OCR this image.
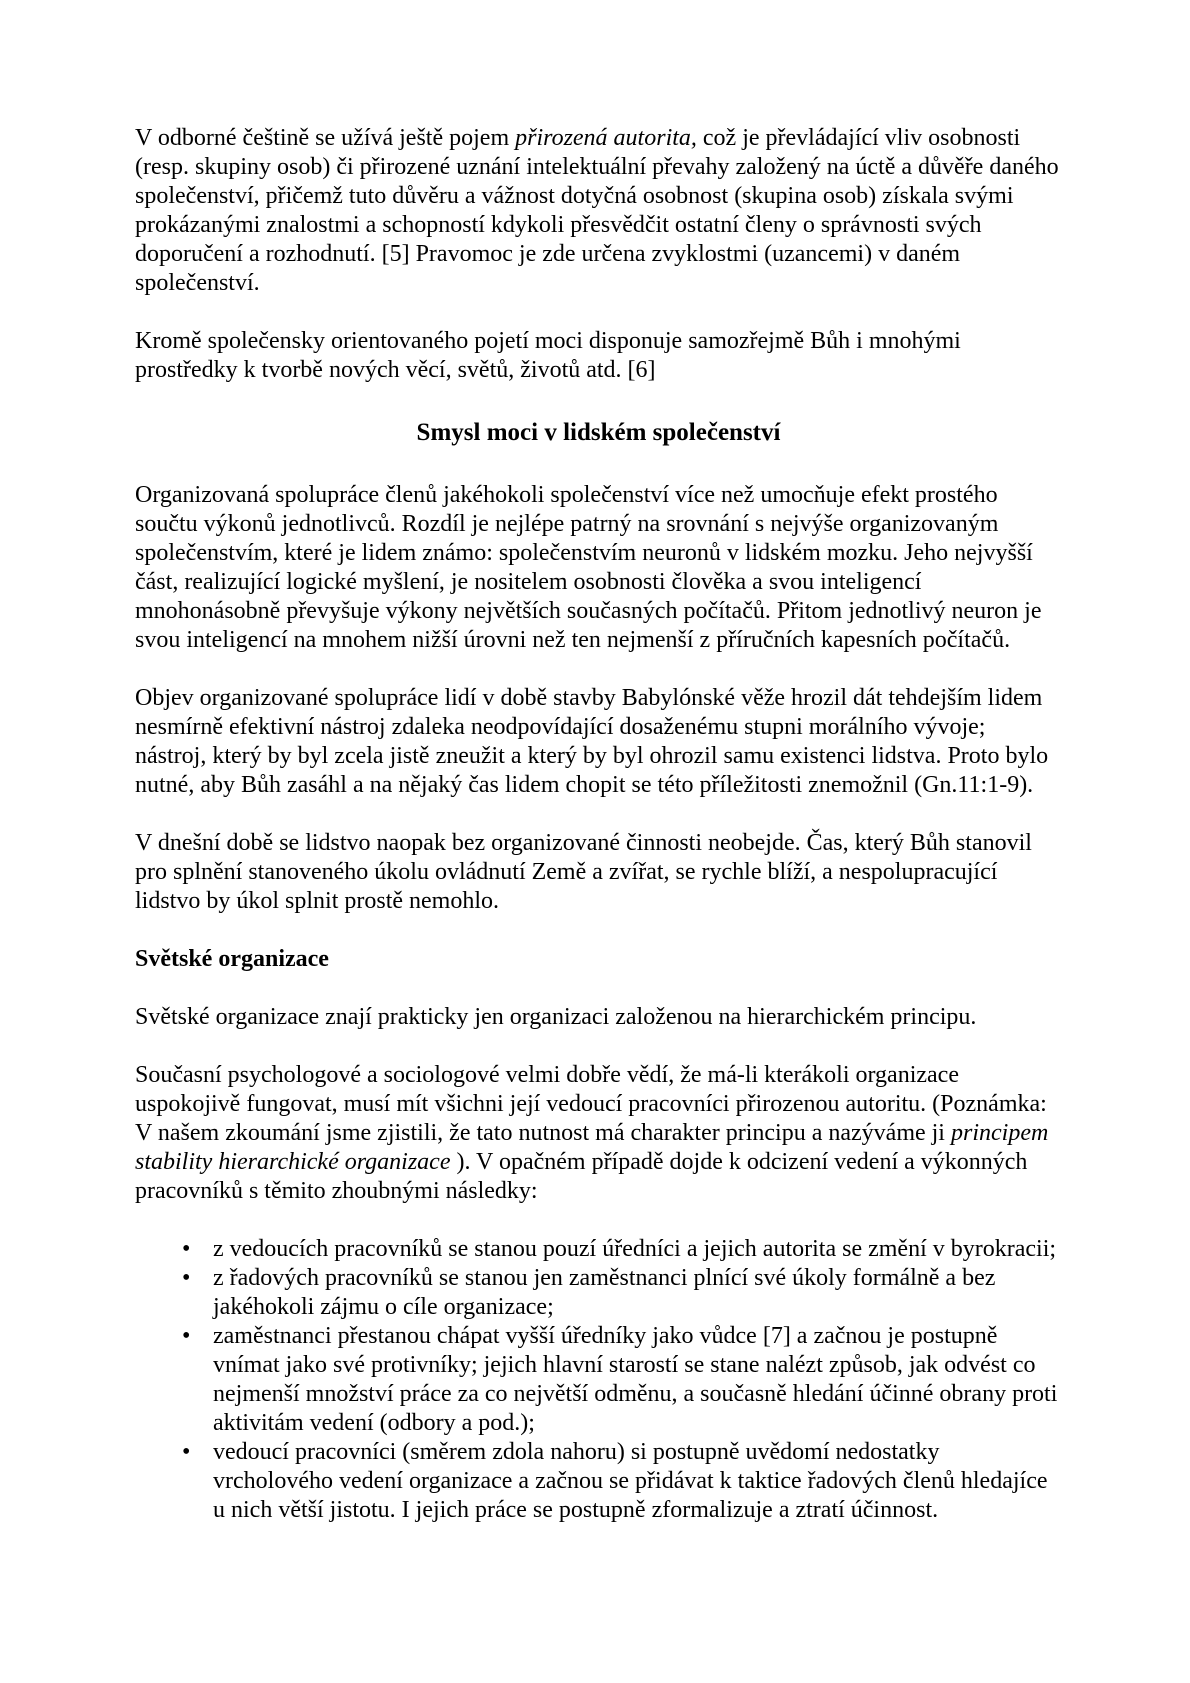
V odborné češtině se užívá ještě pojem přirozená autorita, což je převládající vliv osobnosti (resp. skupiny osob) či přirozené uznání intelektuální převahy založený na úctě a důvěře daného společenství, přičemž tuto důvěru a vážnost dotyčná osobnost (skupina osob) získala svými prokázanými znalostmi a schopností kdykoli přesvědčit ostatní členy o správnosti svých doporučení a rozhodnutí. [5] Pravomoc je zde určena zvyklostmi (uzancemi) v daném společenství.

Kromě společensky orientovaného pojetí moci disponuje samozřejmě Bůh i mnohými prostředky k tvorbě nových věcí, světů, životů atd. [6]

Smysl moci v lidském společenství

Organizovaná spolupráce členů jakéhokoli společenství více než umocňuje efekt prostého součtu výkonů jednotlivců. Rozdíl je nejlépe patrný na srovnání s nejvýše organizovaným společenstvím, které je lidem známo: společenstvím neuronů v lidském mozku. Jeho nejvyšší část, realizující logické myšlení, je nositelem osobnosti člověka a svou inteligencí mnohonásobně převyšuje výkony největších současných počítačů. Přitom jednotlivý neuron je svou inteligencí na mnohem nižší úrovni než ten nejmenší z příručních kapesních počítačů.

Objev organizované spolupráce lidí v době stavby Babylónské věže hrozil dát tehdejším lidem nesmírně efektivní nástroj zdaleka neodpovídající dosaženému stupni morálního vývoje; nástroj, který by byl zcela jistě zneužit a který by byl ohrozil samu existenci lidstva. Proto bylo nutné, aby Bůh zasáhl a na nějaký čas lidem chopit se této příležitosti znemožnil (Gn.11:1-9).

V dnešní době se lidstvo naopak bez organizované činnosti neobejde. Čas, který Bůh stanovil pro splnění stanoveného úkolu ovládnutí Země a zvířat, se rychle blíží, a nespolupracující lidstvo by úkol splnit prostě nemohlo.

Světské organizace

Světské organizace znají prakticky jen organizaci založenou na hierarchickém principu.

Současní psychologové a sociologové velmi dobře vědí, že má-li kterákoli organizace uspokojivě fungovat, musí mít všichni její vedoucí pracovníci přirozenou autoritu. (Poznámka: V našem zkoumání jsme zjistili, že tato nutnost má charakter principu a nazýváme ji principem stability hierarchické organizace ). V opačném případě dojde k odcizení vedení a výkonných pracovníků s těmito zhoubnými následky:

• z vedoucích pracovníků se stanou pouzí úředníci a jejich autorita se změní v byrokracii;
• z řadových pracovníků se stanou jen zaměstnanci plnící své úkoly formálně a bez jakéhokoli zájmu o cíle organizace;
• zaměstnanci přestanou chápat vyšší úředníky jako vůdce [7] a začnou je postupně vnímat jako své protivníky; jejich hlavní starostí se stane nalézt způsob, jak odvést co nejmenší množství práce za co největší odměnu, a současně hledání účinné obrany proti aktivitám vedení (odbory a pod.);
• vedoucí pracovníci (směrem zdola nahoru) si postupně uvědomí nedostatky vrcholového vedení organizace a začnou se přidávat k taktice řadových členů hledajíce u nich větší jistotu. I jejich práce se postupně zformalizuje a ztratí účinnost.
